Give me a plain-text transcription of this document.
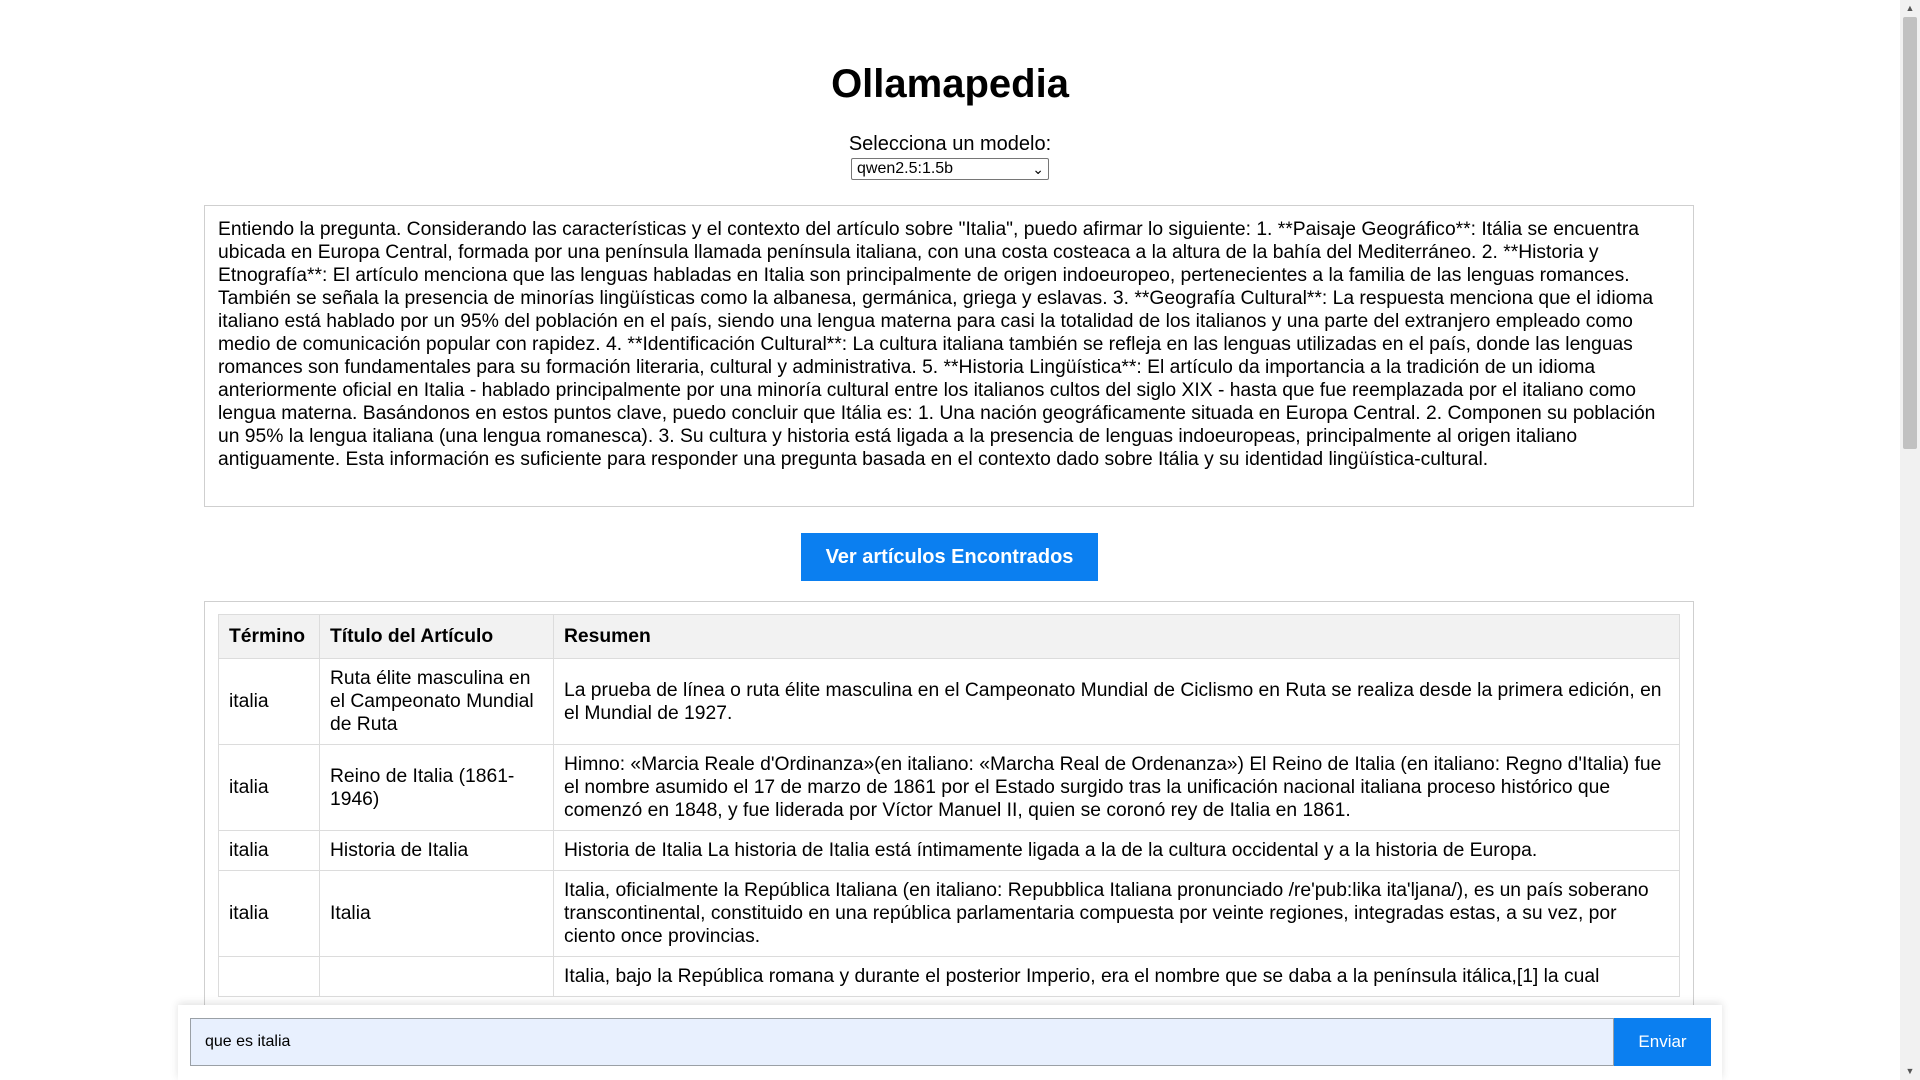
Ollamapedia
Selecciona un modelo:
qwen2.5:1.5b	⌄
Entiendo la pregunta. Considerando las características y el contexto del artículo sobre "Italia", puedo afirmar lo siguiente: 1. **Paisaje Geográfico**: Itália se encuentra ubicada en Europa Central, formada por una península llamada península italiana, con una costa costeaca a la altura de la bahía del Mediterráneo. 2. **Historia y Etnografía**: El artículo menciona que las lenguas habladas en Italia son principalmente de origen indoeuropeo, pertenecientes a la familia de las lenguas romances. También se señala la presencia de minorías lingüísticas como la albanesa, germánica, griega y eslavas. 3. **Geografía Cultural**: La respuesta menciona que el idioma italiano está hablado por un 95% del población en el país, siendo una lengua materna para casi la totalidad de los italianos y una parte del extranjero empleado como medio de comunicación popular con rapidez. 4. **Identificación Cultural**: La cultura italiana también se refleja en las lenguas utilizadas en el país, donde las lenguas romances son fundamentales para su formación literaria, cultural y administrativa. 5. **Historia Lingüística**: El artículo da importancia a la tradición de un idioma anteriormente oficial en Italia - hablado principalmente por una minoría cultural entre los italianos cultos del siglo XIX - hasta que fue reemplazada por el italiano como lengua materna. Basándonos en estos puntos clave, puedo concluir que Itália es: 1. Una nación geográficamente situada en Europa Central. 2. Componen su población un 95% la lengua italiana (una lengua romanesca). 3. Su cultura y historia está ligada a la presencia de lenguas indoeuropeas, principalmente al origen italiano antiguamente. Esta información es suficiente para responder una pregunta basada en el contexto dado sobre Itália y su identidad lingüística-cultural.
Ver artículos Encontrados
Término	Título del Artículo	Resumen
italia	Ruta élite masculina en el Campeonato Mundial de Ruta	La prueba de línea o ruta élite masculina en el Campeonato Mundial de Ciclismo en Ruta se realiza desde la primera edición, en el Mundial de 1927.
italia	Reino de Italia (1861-1946)	Himno: «Marcia Reale d'Ordinanza»(en italiano: «Marcha Real de Ordenanza») El Reino de Italia (en italiano: Regno d'Italia) fue el nombre asumido el 17 de marzo de 1861 por el Estado surgido tras la unificación nacional italiana proceso histórico que comenzó en 1848, y fue liderada por Víctor Manuel II, quien se coronó rey de Italia en 1861.
italia	Historia de Italia	Historia de Italia La historia de Italia está íntimamente ligada a la de la cultura occidental y a la historia de Europa.
italia	Italia	Italia, oficialmente la República Italiana (en italiano: Repubblica Italiana pronunciado /re'pub:lika ita'ljana/), es un país soberano transcontinental, constituido en una república parlamentaria compuesta por veinte regiones, integradas estas, a su vez, por ciento once provincias.
		Italia, bajo la República romana y durante el posterior Imperio, era el nombre que se daba a la península itálica,[1] la cual
que es italia	Enviar
▲
▼
